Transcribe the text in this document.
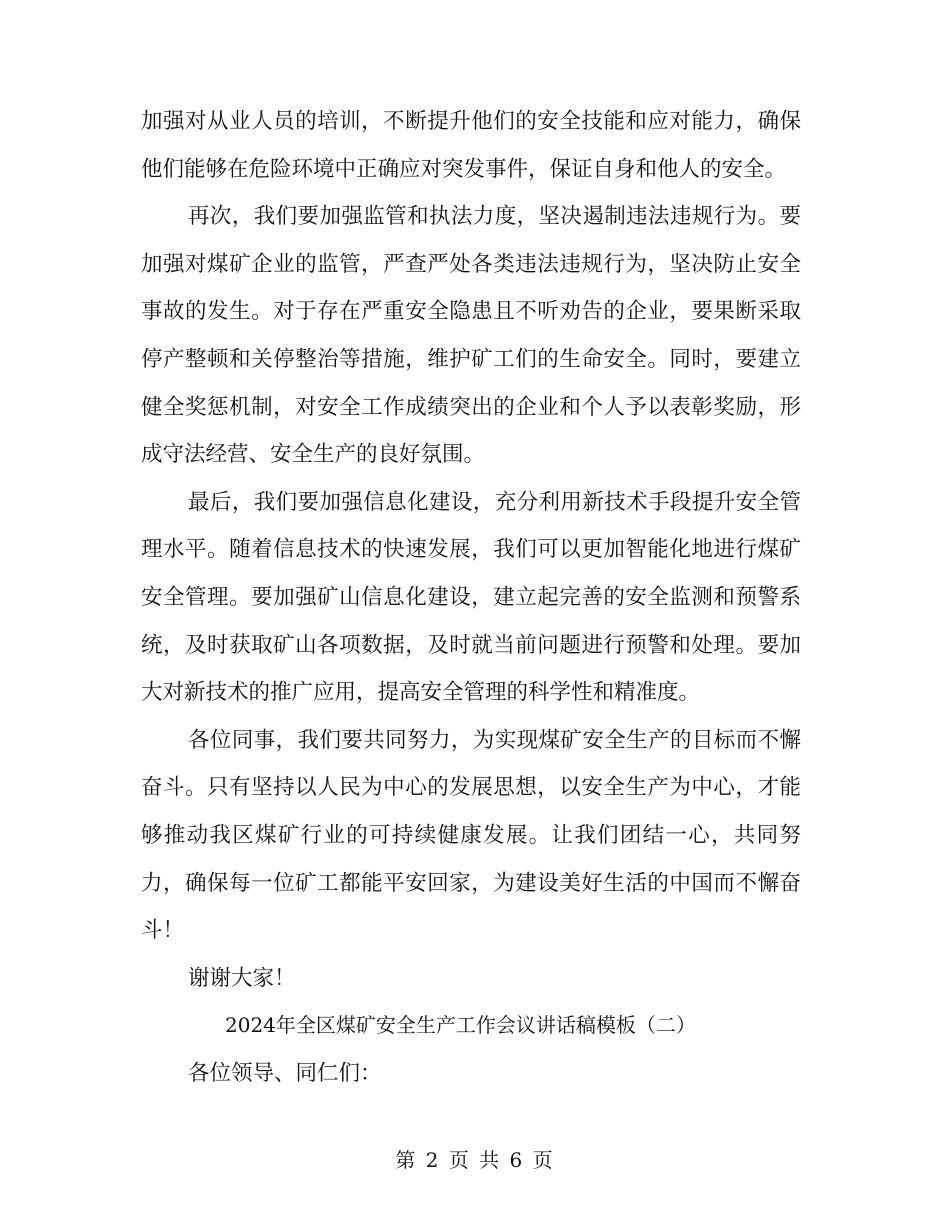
加强对从业人员的培训，不断提升他们的安全技能和应对能力，确保他们能够在危险环境中正确应对突发事件，保证自身和他人的安全。

再次，我们要加强监管和执法力度，坚决遏制违法违规行为。要加强对煤矿企业的监管，严查严处各类违法违规行为，坚决防止安全事故的发生。对于存在严重安全隐患且不听劝告的企业，要果断采取停产整顿和关停整治等措施，维护矿工们的生命安全。同时，要建立健全奖惩机制，对安全工作成绩突出的企业和个人予以表彰奖励，形成守法经营、安全生产的良好氛围。

最后，我们要加强信息化建设，充分利用新技术手段提升安全管理水平。随着信息技术的快速发展，我们可以更加智能化地进行煤矿安全管理。要加强矿山信息化建设，建立起完善的安全监测和预警系统，及时获取矿山各项数据，及时就当前问题进行预警和处理。要加大对新技术的推广应用，提高安全管理的科学性和精准度。

各位同事，我们要共同努力，为实现煤矿安全生产的目标而不懈奋斗。只有坚持以人民为中心的发展思想，以安全生产为中心，才能够推动我区煤矿行业的可持续健康发展。让我们团结一心，共同努力，确保每一位矿工都能平安回家，为建设美好生活的中国而不懈奋斗！

谢谢大家！

2024年全区煤矿安全生产工作会议讲话稿模板（二）

各位领导、同仁们：

第 2 页 共 6 页
